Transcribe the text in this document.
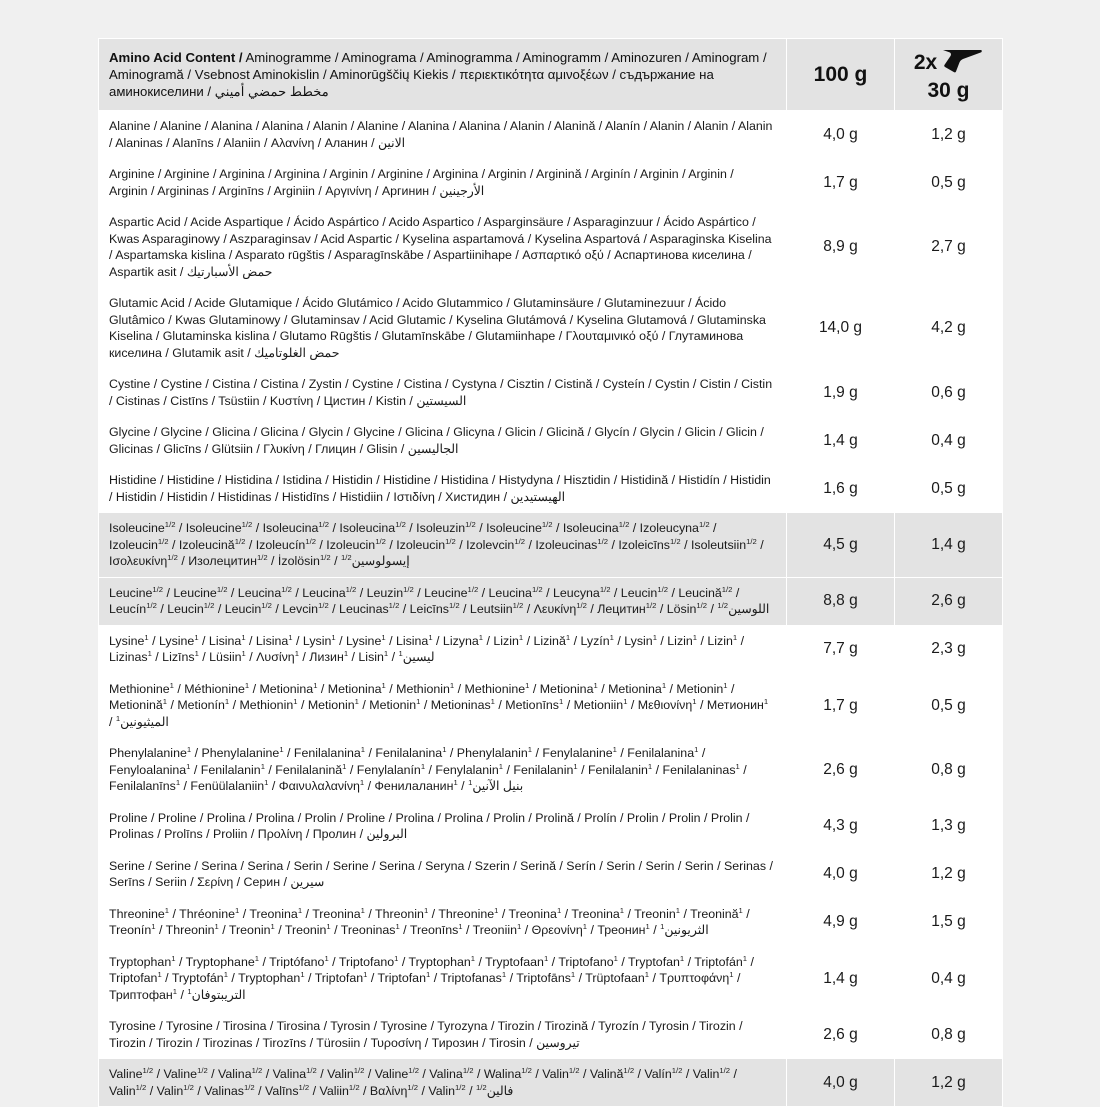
Amino Acid Content / Aminogramme / Aminograma / Aminogramma / Aminogramm / Aminozuren / Aminogram / Aminogramă / Vsebnost Aminokislin / Aminorūgščių Kiekis / περιεκτικότητα αμινοξέων / съдържание на аминокиселини / مخطط حمضي أميني	100 g	2x
30 g

Alanine / Alanine / Alanina / Alanina / Alanin / Alanine / Alanina / Alanina / Alanin / Alanină / Alanín / Alanin / Alanin / Alanin / Alaninas / Alanīns / Alaniin / Αλανίνη / Аланин / الانين	4,0 g	1,2 g
Arginine / Arginine / Arginina / Arginina / Arginin / Arginine / Arginina / Arginin / Arginină / Arginín / Arginin / Arginin / Arginin / Argininas / Arginīns / Arginiin / Αργινίνη / Аргинин / الأرجينين	1,7 g	0,5 g
Aspartic Acid / Acide Aspartique / Ácido Aspártico / Acido Aspartico / Asparginsäure / Asparaginzuur / Ácido Aspártico / Kwas Asparaginowy / Aszparaginsav / Acid Aspartic / Kyselina aspartamová / Kyselina Aspartová / Asparaginska Kiselina / Aspartamska kislina / Asparato rūgštis / Asparagīnskābe / Aspartiinihape / Ασπαρτικό οξύ / Аспартинова киселина / Aspartik asit / حمض الأسبارتيك	8,9 g	2,7 g
Glutamic Acid / Acide Glutamique / Ácido Glutámico / Acido Glutammico / Glutaminsäure / Glutaminezuur / Ácido Glutâmico / Kwas Glutaminowy / Glutaminsav / Acid Glutamic / Kyselina Glutámová / Kyselina Glutamová / Glutaminska Kiselina / Glutaminska kislina / Glutamo Rūgštis / Glutamīnskābe / Glutamiinhape / Γλουταμινικό οξύ / Глутаминова киселина / Glutamik asit / حمض الغلوتاميك	14,0 g	4,2 g
Cystine / Cystine / Cistina / Cistina / Zystin / Cystine / Cistina / Cystyna / Cisztin / Cistină / Cysteín / Cystin / Cistin / Cistin / Cistinas / Cistīns / Tsüstiin / Κυστίνη / Цистин / Kistin / السيستين	1,9 g	0,6 g
Glycine / Glycine / Glicina / Glicina / Glycin / Glycine / Glicina / Glicyna / Glicin / Glicină / Glycín / Glycin / Glicin / Glicin / Glicinas / Glicīns / Glütsiin / Γλυκίνη / Глицин / Glisin / الجاليسين	1,4 g	0,4 g
Histidine / Histidine / Histidina / Istidina / Histidin / Histidine / Histidina / Histydyna / Hisztidin / Histidină / Histidín / Histidin / Histidin / Histidin / Histidinas / Histidīns / Histidiin / Ιστιδίνη / Хистидин / الهيستيدين	1,6 g	0,5 g
Isoleucine$^{1/2}$ / Isoleucine$^{1/2}$ / Isoleucina$^{1/2}$ / Isoleucina$^{1/2}$ / Isoleuzin$^{1/2}$ / Isoleucine$^{1/2}$ / Isoleucina$^{1/2}$ / Izoleucyna$^{1/2}$ / Izoleucin$^{1/2}$ / Izoleucină$^{1/2}$ / Izoleucín$^{1/2}$ / Izoleucin$^{1/2}$ / Izoleucin$^{1/2}$ / Izolevcin$^{1/2}$ / Izoleucinas$^{1/2}$ / Izoleicīns$^{1/2}$ / Isoleutsiin$^{1/2}$ / Ισολευκίνη$^{1/2}$ / Изолецитин$^{1/2}$ / İzolösin$^{1/2}$ / إيسولوسين$^{1/2}$	4,5 g	1,4 g
Leucine$^{1/2}$ / Leucine$^{1/2}$ / Leucina$^{1/2}$ / Leucina$^{1/2}$ / Leuzin$^{1/2}$ / Leucine$^{1/2}$ / Leucina$^{1/2}$ / Leucyna$^{1/2}$ / Leucin$^{1/2}$ / Leucină$^{1/2}$ / Leucín$^{1/2}$ / Leucin$^{1/2}$ / Leucin$^{1/2}$ / Levcin$^{1/2}$ / Leucinas$^{1/2}$ / Leicīns$^{1/2}$ / Leutsiin$^{1/2}$ / Λευκίνη$^{1/2}$ / Лецитин$^{1/2}$ / Lösin$^{1/2}$ / اللوسين$^{1/2}$	8,8 g	2,6 g
Lysine$^1$ / Lysine$^1$ / Lisina$^1$ / Lisina$^1$ / Lysin$^1$ / Lysine$^1$ / Lisina$^1$ / Lizyna$^1$ / Lizin$^1$ / Lizină$^1$ / Lyzín$^1$ / Lysin$^1$ / Lizin$^1$ / Lizin$^1$ / Lizinas$^1$ / Lizīns$^1$ / Lüsiin$^1$ / Λυσίνη$^1$ / Лизин$^1$ / Lisin$^1$ / ليسين$^1$	7,7 g	2,3 g
Methionine$^1$ / Méthionine$^1$ / Metionina$^1$ / Metionina$^1$ / Methionin$^1$ / Methionine$^1$ / Metionina$^1$ / Metionina$^1$ / Metionin$^1$ / Metionină$^1$ / Metionín$^1$ / Methionin$^1$ / Metionin$^1$ / Metionin$^1$ / Metioninas$^1$ / Metionīns$^1$ / Metioniin$^1$ / Μεθιονίνη$^1$ / Метионин$^1$ / الميثيونين$^1$	1,7 g	0,5 g
Phenylalanine$^1$ / Phenylalanine$^1$ / Fenilalanina$^1$ / Fenilalanina$^1$ / Phenylalanin$^1$ / Fenylalanine$^1$ / Fenilalanina$^1$ / Fenyloalanina$^1$ / Fenilalanin$^1$ / Fenilalanină$^1$ / Fenylalanín$^1$ / Fenylalanin$^1$ / Fenilalanin$^1$ / Fenilalanin$^1$ / Fenilalaninas$^1$ / Fenilalanīns$^1$ / Fenüülalaniin$^1$ / Φαινυλαλανίνη$^1$ / Фенилаланин$^1$ / بنيل الآنين$^1$	2,6 g	0,8 g
Proline / Proline / Prolina / Prolina / Prolin / Proline / Prolina / Prolina / Prolin / Prolină / Prolín / Prolin / Prolin / Prolin / Prolinas / Prolīns / Proliin / Προλίνη / Пролин / البرولين	4,3 g	1,3 g
Serine / Serine / Serina / Serina / Serin / Serine / Serina / Seryna / Szerin / Serină / Serín / Serin / Serin / Serin / Serinas / Serīns / Seriin / Σερίνη / Серин / سيرين	4,0 g	1,2 g
Threonine$^1$ / Thréonine$^1$ / Treonina$^1$ / Treonina$^1$ / Threonin$^1$ / Threonine$^1$ / Treonina$^1$ / Treonina$^1$ / Treonin$^1$ / Treonină$^1$ / Treonín$^1$ / Threonin$^1$ / Treonin$^1$ / Treonin$^1$ / Treoninas$^1$ / Treonīns$^1$ / Treoniin$^1$ / Θρεονίνη$^1$ / Треонин$^1$ / الثريونين$^1$	4,9 g	1,5 g
Tryptophan$^1$ / Tryptophane$^1$ / Triptófano$^1$ / Triptofano$^1$ / Tryptophan$^1$ / Tryptofaan$^1$ / Triptofano$^1$ / Tryptofan$^1$ / Triptofán$^1$ / Triptofan$^1$ / Tryptofán$^1$ / Tryptophan$^1$ / Triptofan$^1$ / Triptofan$^1$ / Triptofanas$^1$ / Triptofāns$^1$ / Trüptofaan$^1$ / Τρυπτοφάνη$^1$ / Триптофан$^1$ / التريبتوفان$^1$	1,4 g	0,4 g
Tyrosine / Tyrosine / Tirosina / Tirosina / Tyrosin / Tyrosine / Tyrozyna / Tirozin / Tirozină / Tyrozín / Tyrosin / Tirozin / Tirozin / Tirozin / Tirozinas / Tirozīns / Türosiin / Τυροσίνη / Тирозин / Tirosin / تيروسين	2,6 g	0,8 g
Valine$^{1/2}$ / Valine$^{1/2}$ / Valina$^{1/2}$ / Valina$^{1/2}$ / Valin$^{1/2}$ / Valine$^{1/2}$ / Valina$^{1/2}$ / Walina$^{1/2}$ / Valin$^{1/2}$ / Valină$^{1/2}$ / Valín$^{1/2}$ / Valin$^{1/2}$ / Valin$^{1/2}$ / Valin$^{1/2}$ / Valinas$^{1/2}$ / Valīns$^{1/2}$ / Valiin$^{1/2}$ / Βαλίνη$^{1/2}$ / Valin$^{1/2}$ / فالين$^{1/2}$	4,0 g	1,2 g
